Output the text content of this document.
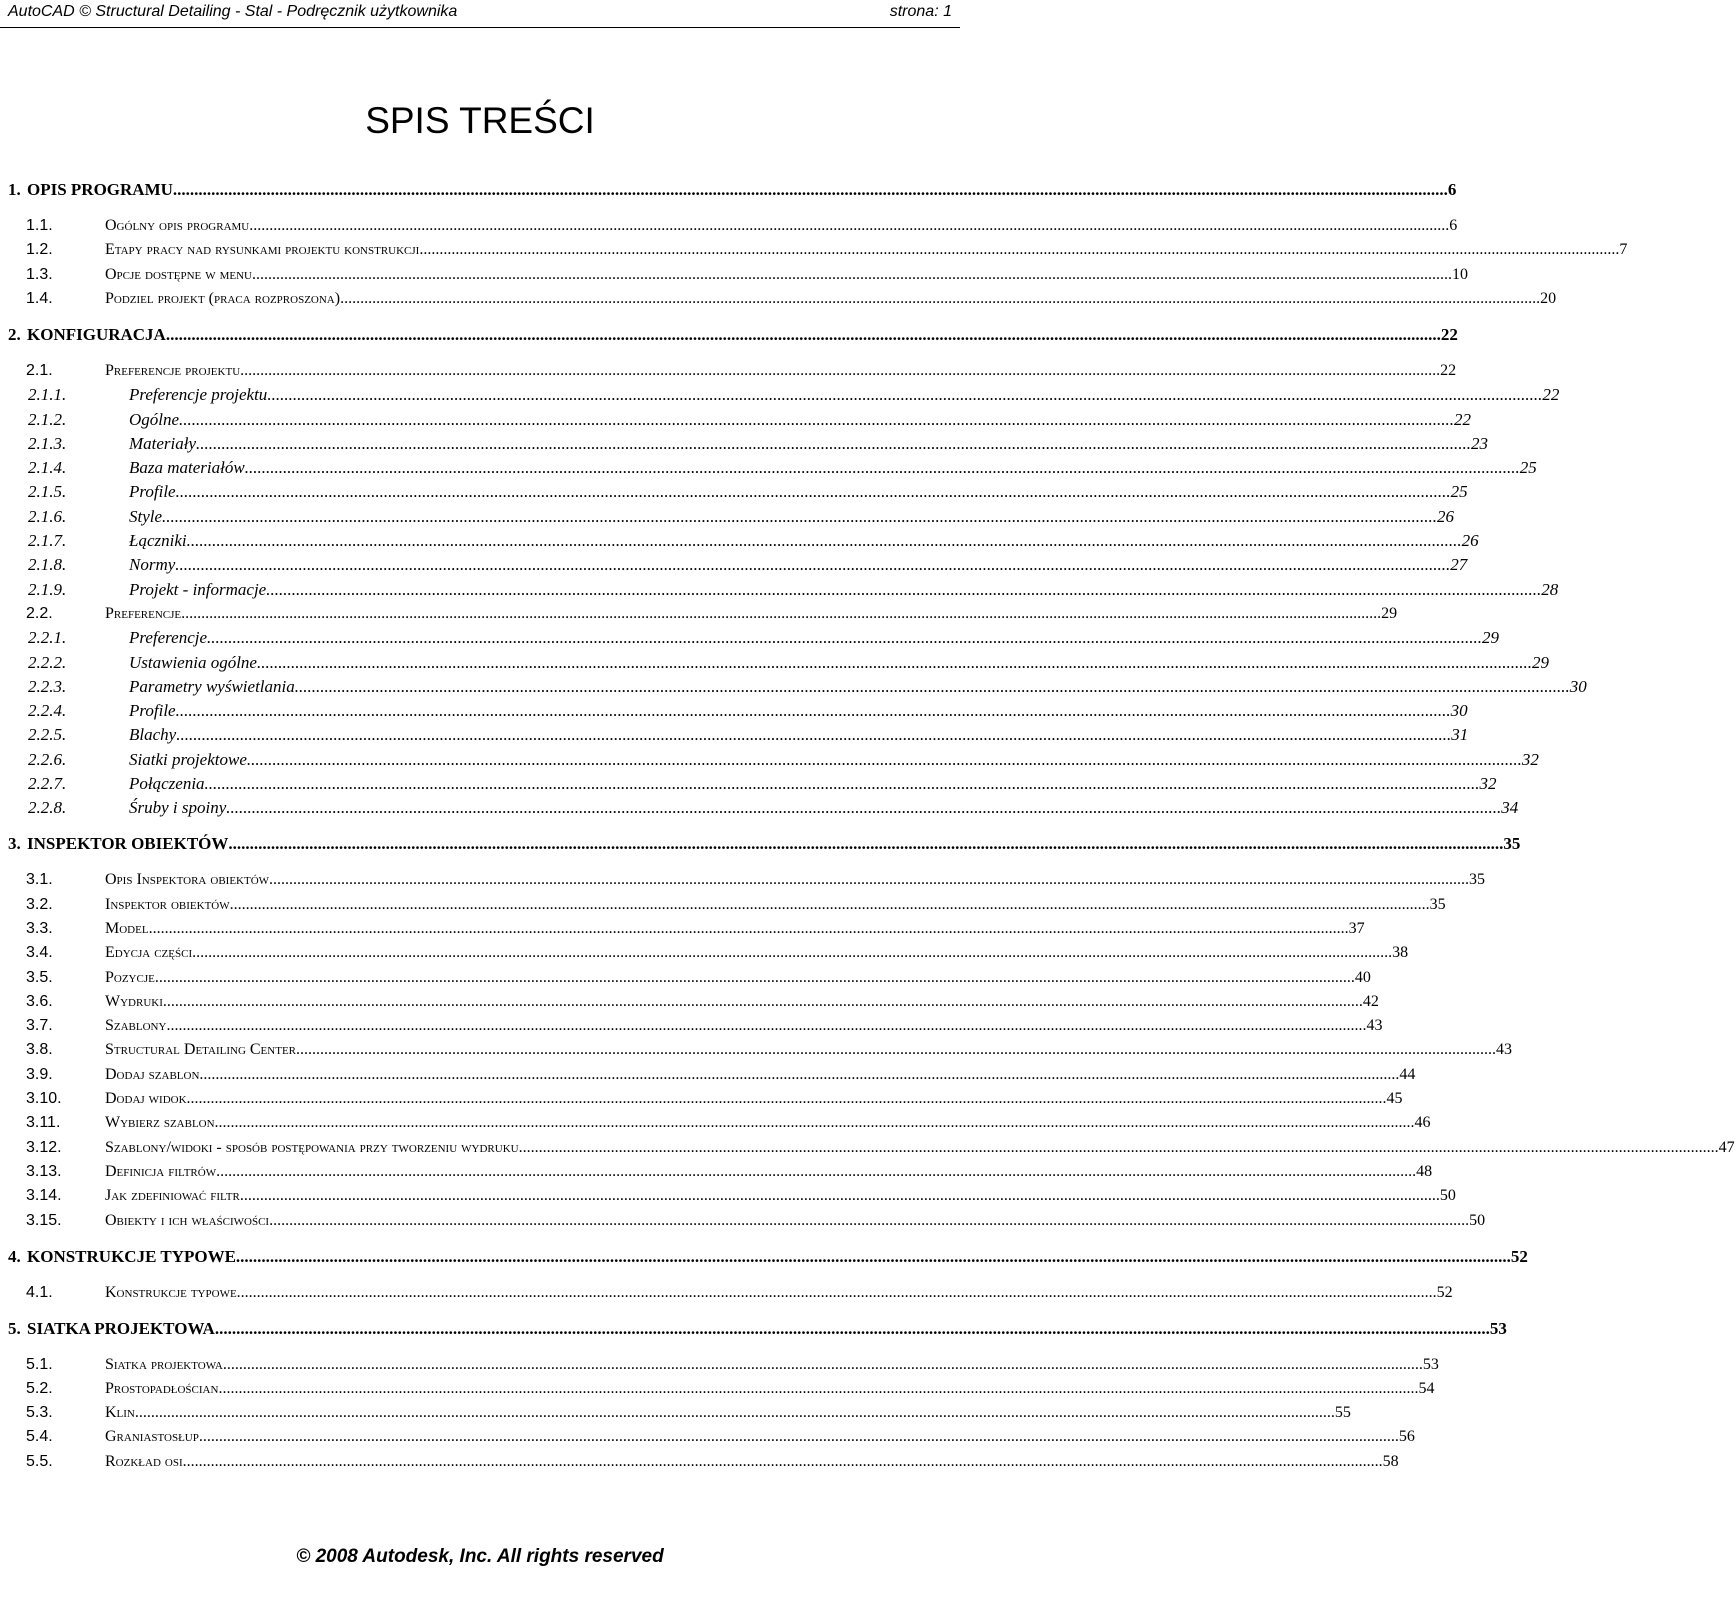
AutoCAD © Structural Detailing - Stal - Podręcznik użytkownika	strona: 1
SPIS TREŚCI
1. OPIS PROGRAMU ............................................................................................................................................................................................................................................................................................................ 6
1.1.	Ogólny opis programu ............................................................................................................................................................................................................................................................................................................ 6
1.2.	Etapy pracy nad rysunkami projektu konstrukcji ............................................................................................................................................................................................................................................................................................................ 7
1.3.	Opcje dostępne w menu ............................................................................................................................................................................................................................................................................................................ 10
1.4.	Podziel projekt (praca rozproszona) ............................................................................................................................................................................................................................................................................................................ 20
2. KONFIGURACJA ............................................................................................................................................................................................................................................................................................................ 22
2.1.	Preferencje projektu ............................................................................................................................................................................................................................................................................................................ 22
2.1.1.	Preferencje projektu ............................................................................................................................................................................................................................................................................................................ 22
2.1.2.	Ogólne ............................................................................................................................................................................................................................................................................................................ 22
2.1.3.	Materiały ............................................................................................................................................................................................................................................................................................................ 23
2.1.4.	Baza materiałów ............................................................................................................................................................................................................................................................................................................ 25
2.1.5.	Profile ............................................................................................................................................................................................................................................................................................................ 25
2.1.6.	Style ............................................................................................................................................................................................................................................................................................................ 26
2.1.7.	Łączniki ............................................................................................................................................................................................................................................................................................................ 26
2.1.8.	Normy ............................................................................................................................................................................................................................................................................................................ 27
2.1.9.	Projekt - informacje ............................................................................................................................................................................................................................................................................................................ 28
2.2.	Preferencje ............................................................................................................................................................................................................................................................................................................ 29
2.2.1.	Preferencje ............................................................................................................................................................................................................................................................................................................ 29
2.2.2.	Ustawienia ogólne ............................................................................................................................................................................................................................................................................................................ 29
2.2.3.	Parametry wyświetlania ............................................................................................................................................................................................................................................................................................................ 30
2.2.4.	Profile ............................................................................................................................................................................................................................................................................................................ 30
2.2.5.	Blachy ............................................................................................................................................................................................................................................................................................................ 31
2.2.6.	Siatki projektowe ............................................................................................................................................................................................................................................................................................................ 32
2.2.7.	Połączenia ............................................................................................................................................................................................................................................................................................................ 32
2.2.8.	Śruby i spoiny ............................................................................................................................................................................................................................................................................................................ 34
3. INSPEKTOR OBIEKTÓW ............................................................................................................................................................................................................................................................................................................ 35
3.1.	Opis Inspektora obiektów ............................................................................................................................................................................................................................................................................................................ 35
3.2.	Inspektor obiektów ............................................................................................................................................................................................................................................................................................................ 35
3.3.	Model ............................................................................................................................................................................................................................................................................................................ 37
3.4.	Edycja części ............................................................................................................................................................................................................................................................................................................ 38
3.5.	Pozycje ............................................................................................................................................................................................................................................................................................................ 40
3.6.	Wydruki ............................................................................................................................................................................................................................................................................................................ 42
3.7.	Szablony ............................................................................................................................................................................................................................................................................................................ 43
3.8.	Structural Detailing Center ............................................................................................................................................................................................................................................................................................................ 43
3.9.	Dodaj szablon ............................................................................................................................................................................................................................................................................................................ 44
3.10.	Dodaj widok ............................................................................................................................................................................................................................................................................................................ 45
3.11.	Wybierz szablon ............................................................................................................................................................................................................................................................................................................ 46
3.12.	Szablony/widoki - sposób postępowania przy tworzeniu wydruku ............................................................................................................................................................................................................................................................................................................ 47
3.13.	Definicja filtrów ............................................................................................................................................................................................................................................................................................................ 48
3.14.	Jak zdefiniować filtr ............................................................................................................................................................................................................................................................................................................ 50
3.15.	Obiekty i ich właściwości ............................................................................................................................................................................................................................................................................................................ 50
4. KONSTRUKCJE TYPOWE ............................................................................................................................................................................................................................................................................................................ 52
4.1.	Konstrukcje typowe ............................................................................................................................................................................................................................................................................................................ 52
5. SIATKA PROJEKTOWA ............................................................................................................................................................................................................................................................................................................ 53
5.1.	Siatka projektowa ............................................................................................................................................................................................................................................................................................................ 53
5.2.	Prostopadłościan ............................................................................................................................................................................................................................................................................................................ 54
5.3.	Klin ............................................................................................................................................................................................................................................................................................................ 55
5.4.	Graniastosłup ............................................................................................................................................................................................................................................................................................................ 56
5.5.	Rozkład osi ............................................................................................................................................................................................................................................................................................................ 58
© 2008 Autodesk, Inc. All rights reserved
